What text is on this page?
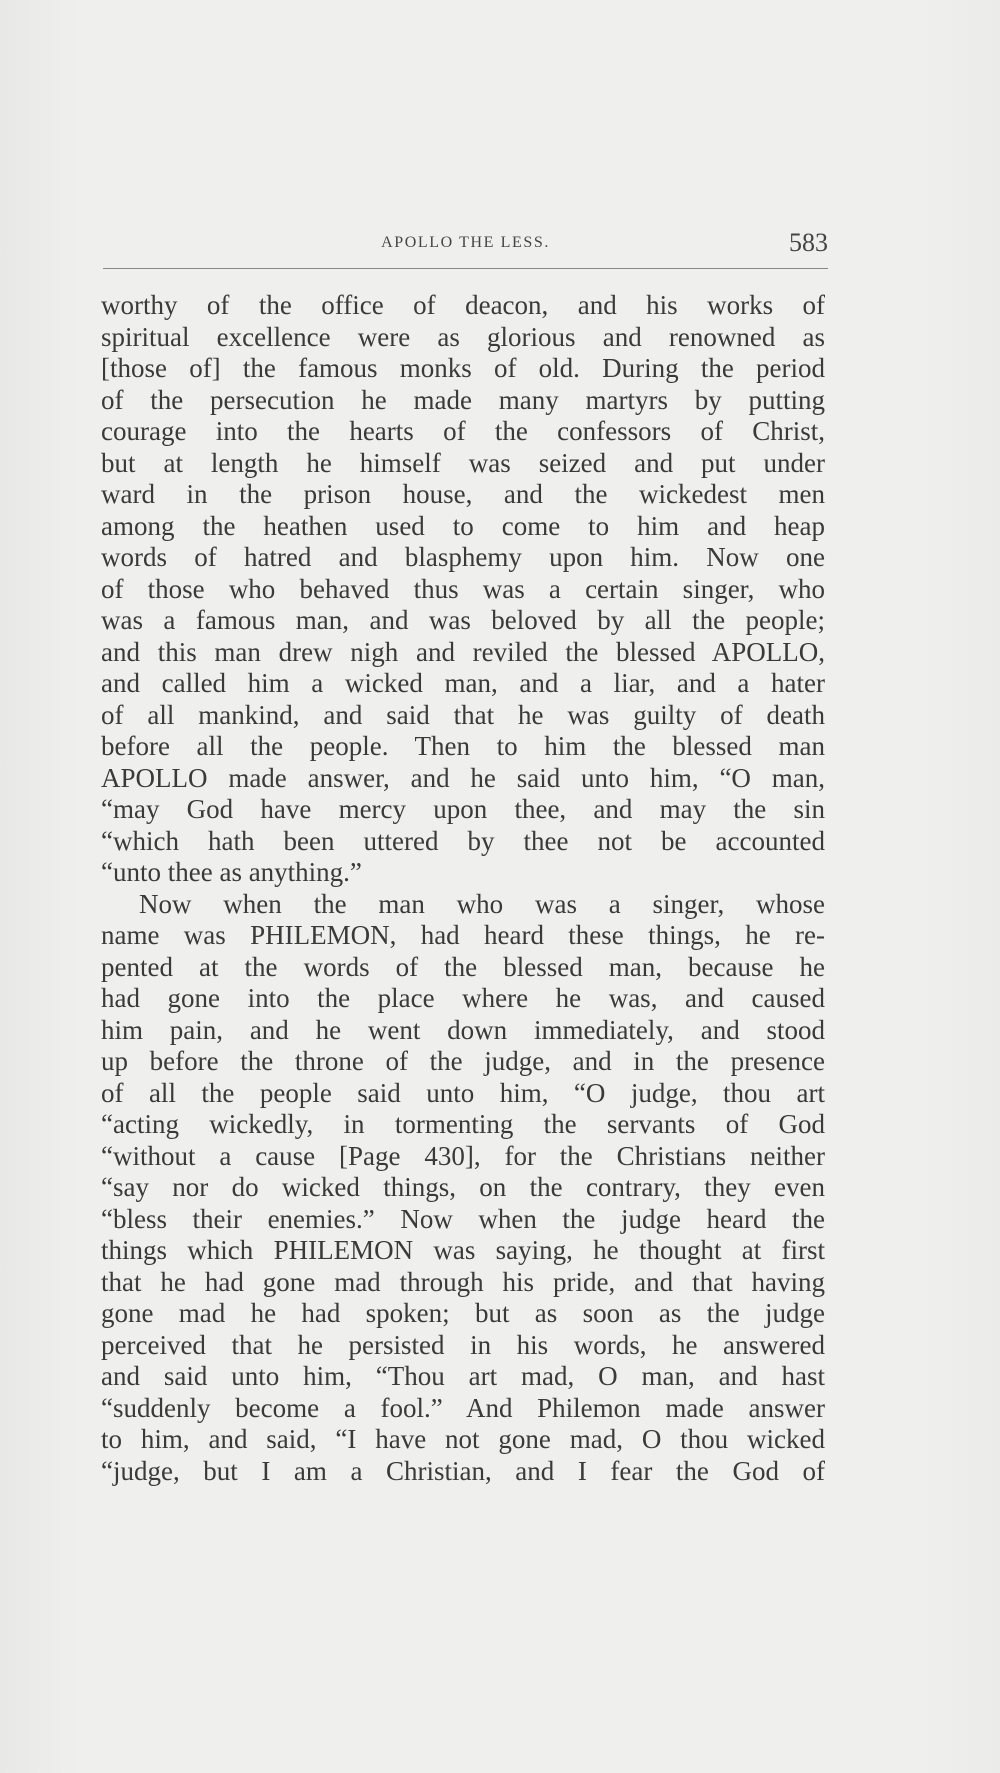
APOLLO THE LESS.	583
worthy of the office of deacon, and his works of
spiritual excellence were as glorious and renowned as
[those of] the famous monks of old. During the period
of the persecution he made many martyrs by putting
courage into the hearts of the confessors of Christ,
but at length he himself was seized and put under
ward in the prison house, and the wickedest men
among the heathen used to come to him and heap
words of hatred and blasphemy upon him. Now one
of those who behaved thus was a certain singer, who
was a famous man, and was beloved by all the people;
and this man drew nigh and reviled the blessed APOLLO,
and called him a wicked man, and a liar, and a hater
of all mankind, and said that he was guilty of death
before all the people. Then to him the blessed man
APOLLO made answer, and he said unto him, “O man,
“may God have mercy upon thee, and may the sin
“which hath been uttered by thee not be accounted
“unto thee as anything.”
Now when the man who was a singer, whose
name was PHILEMON, had heard these things, he re-
pented at the words of the blessed man, because he
had gone into the place where he was, and caused
him pain, and he went down immediately, and stood
up before the throne of the judge, and in the presence
of all the people said unto him, “O judge, thou art
“acting wickedly, in tormenting the servants of God
“without a cause [Page 430], for the Christians neither
“say nor do wicked things, on the contrary, they even
“bless their enemies.” Now when the judge heard the
things which PHILEMON was saying, he thought at first
that he had gone mad through his pride, and that having
gone mad he had spoken; but as soon as the judge
perceived that he persisted in his words, he answered
and said unto him, “Thou art mad, O man, and hast
“suddenly become a fool.” And Philemon made answer
to him, and said, “I have not gone mad, O thou wicked
“judge, but I am a Christian, and I fear the God of
